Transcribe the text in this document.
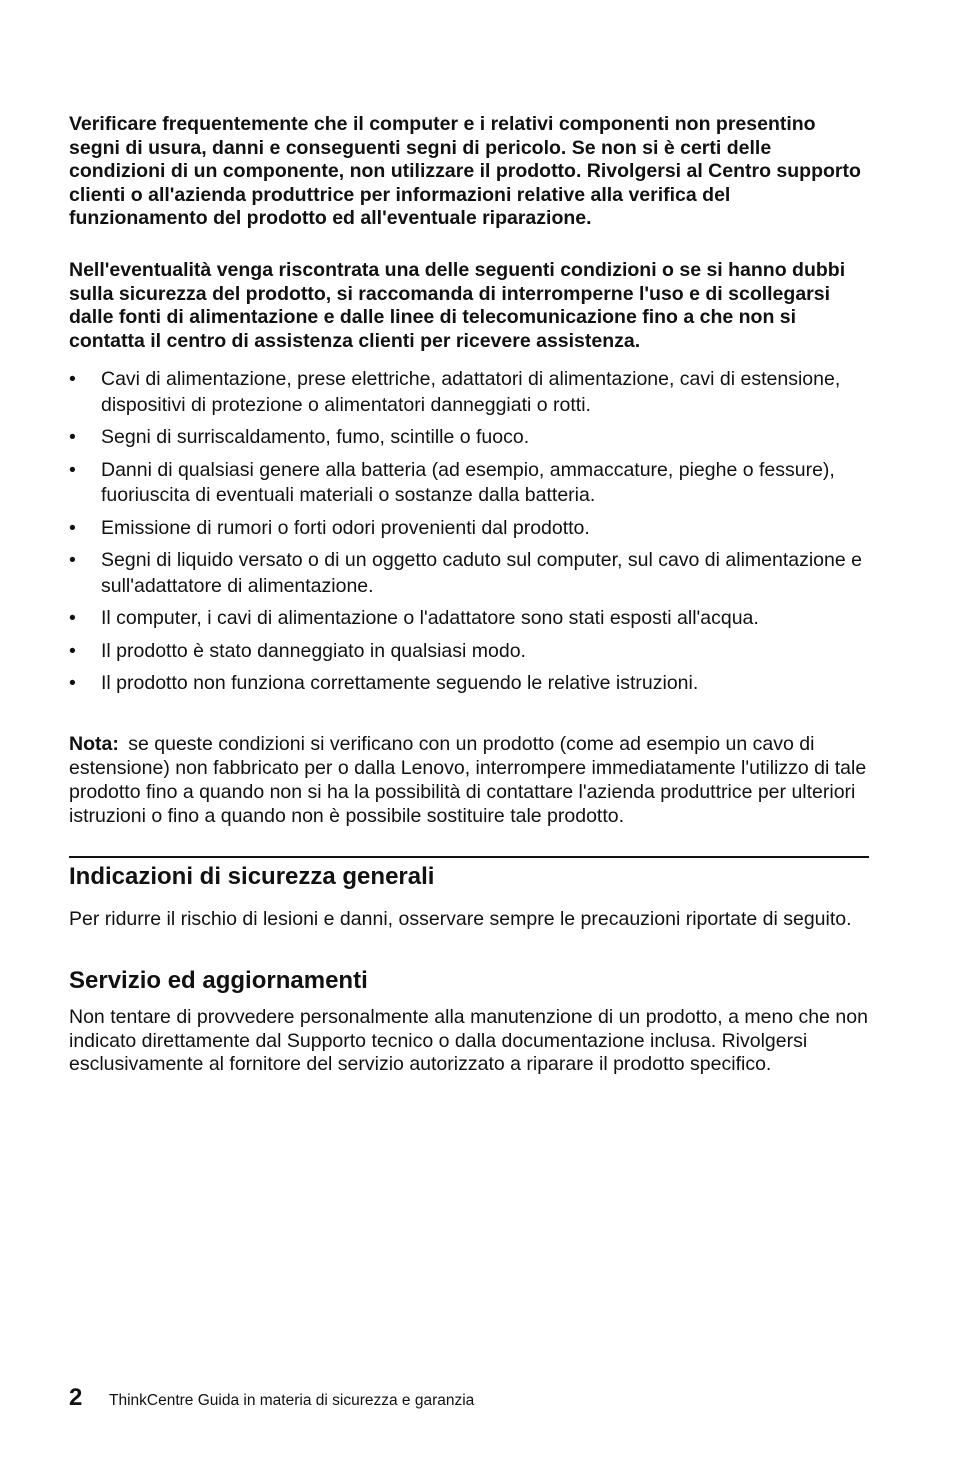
Verificare frequentemente che il computer e i relativi componenti non presentino segni di usura, danni e conseguenti segni di pericolo. Se non si è certi delle condizioni di un componente, non utilizzare il prodotto. Rivolgersi al Centro supporto clienti o all'azienda produttrice per informazioni relative alla verifica del funzionamento del prodotto ed all'eventuale riparazione.

Nell'eventualità venga riscontrata una delle seguenti condizioni o se si hanno dubbi sulla sicurezza del prodotto, si raccomanda di interromperne l'uso e di scollegarsi dalle fonti di alimentazione e dalle linee di telecomunicazione fino a che non si contatta il centro di assistenza clienti per ricevere assistenza.

• Cavi di alimentazione, prese elettriche, adattatori di alimentazione, cavi di estensione, dispositivi di protezione o alimentatori danneggiati o rotti.
• Segni di surriscaldamento, fumo, scintille o fuoco.
• Danni di qualsiasi genere alla batteria (ad esempio, ammaccature, pieghe o fessure), fuoriuscita di eventuali materiali o sostanze dalla batteria.
• Emissione di rumori o forti odori provenienti dal prodotto.
• Segni di liquido versato o di un oggetto caduto sul computer, sul cavo di alimentazione e sull'adattatore di alimentazione.
• Il computer, i cavi di alimentazione o l'adattatore sono stati esposti all'acqua.
• Il prodotto è stato danneggiato in qualsiasi modo.
• Il prodotto non funziona correttamente seguendo le relative istruzioni.

Nota: se queste condizioni si verificano con un prodotto (come ad esempio un cavo di estensione) non fabbricato per o dalla Lenovo, interrompere immediatamente l'utilizzo di tale prodotto fino a quando non si ha la possibilità di contattare l'azienda produttrice per ulteriori istruzioni o fino a quando non è possibile sostituire tale prodotto.

Indicazioni di sicurezza generali

Per ridurre il rischio di lesioni e danni, osservare sempre le precauzioni riportate di seguito.

Servizio ed aggiornamenti

Non tentare di provvedere personalmente alla manutenzione di un prodotto, a meno che non indicato direttamente dal Supporto tecnico o dalla documentazione inclusa. Rivolgersi esclusivamente al fornitore del servizio autorizzato a riparare il prodotto specifico.

2	ThinkCentre Guida in materia di sicurezza e garanzia
